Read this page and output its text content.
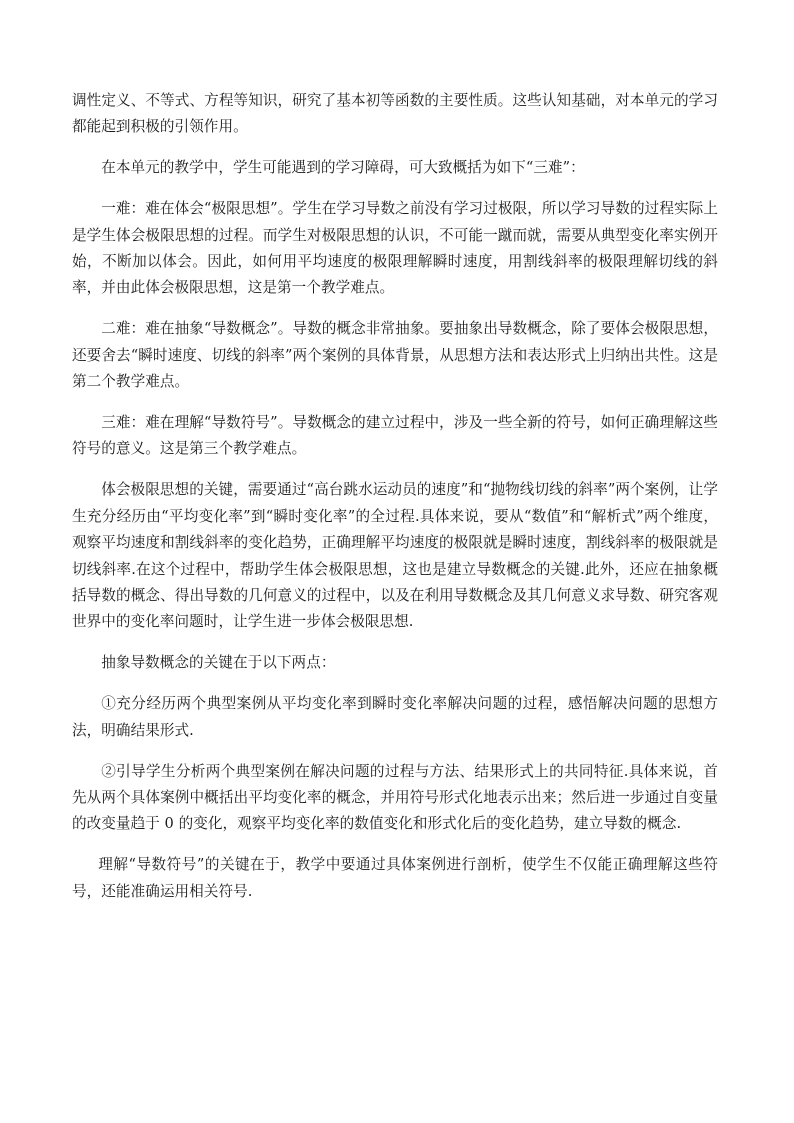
调性定义、不等式、方程等知识，研究了基本初等函数的主要性质。这些认知基础，对本单元的学习都能起到积极的引领作用。

在本单元的教学中，学生可能遇到的学习障碍，可大致概括为如下“三难”：

一难：难在体会“极限思想”。学生在学习导数之前没有学习过极限，所以学习导数的过程实际上是学生体会极限思想的过程。而学生对极限思想的认识，不可能一蹴而就，需要从典型变化率实例开始，不断加以体会。因此，如何用平均速度的极限理解瞬时速度，用割线斜率的极限理解切线的斜率，并由此体会极限思想，这是第一个教学难点。

二难：难在抽象“导数概念”。导数的概念非常抽象。要抽象出导数概念，除了要体会极限思想，还要舍去“瞬时速度、切线的斜率”两个案例的具体背景，从思想方法和表达形式上归纳出共性。这是第二个教学难点。

三难：难在理解“导数符号”。导数概念的建立过程中，涉及一些全新的符号，如何正确理解这些符号的意义。这是第三个教学难点。

体会极限思想的关键，需要通过“高台跳水运动员的速度”和“抛物线切线的斜率”两个案例，让学生充分经历由“平均变化率”到“瞬时变化率”的全过程.具体来说，要从“数值”和“解析式”两个维度，观察平均速度和割线斜率的变化趋势，正确理解平均速度的极限就是瞬时速度，割线斜率的极限就是切线斜率.在这个过程中，帮助学生体会极限思想，这也是建立导数概念的关键.此外，还应在抽象概括导数的概念、得出导数的几何意义的过程中，以及在利用导数概念及其几何意义求导数、研究客观世界中的变化率问题时，让学生进一步体会极限思想.

抽象导数概念的关键在于以下两点：

①充分经历两个典型案例从平均变化率到瞬时变化率解决问题的过程，感悟解决问题的思想方法，明确结果形式.

②引导学生分析两个典型案例在解决问题的过程与方法、结果形式上的共同特征.具体来说，首先从两个具体案例中概括出平均变化率的概念，并用符号形式化地表示出来；然后进一步通过自变量的改变量趋于 0 的变化，观察平均变化率的数值变化和形式化后的变化趋势，建立导数的概念.

理解“导数符号”的关键在于，教学中要通过具体案例进行剖析，使学生不仅能正确理解这些符号，还能准确运用相关符号.
